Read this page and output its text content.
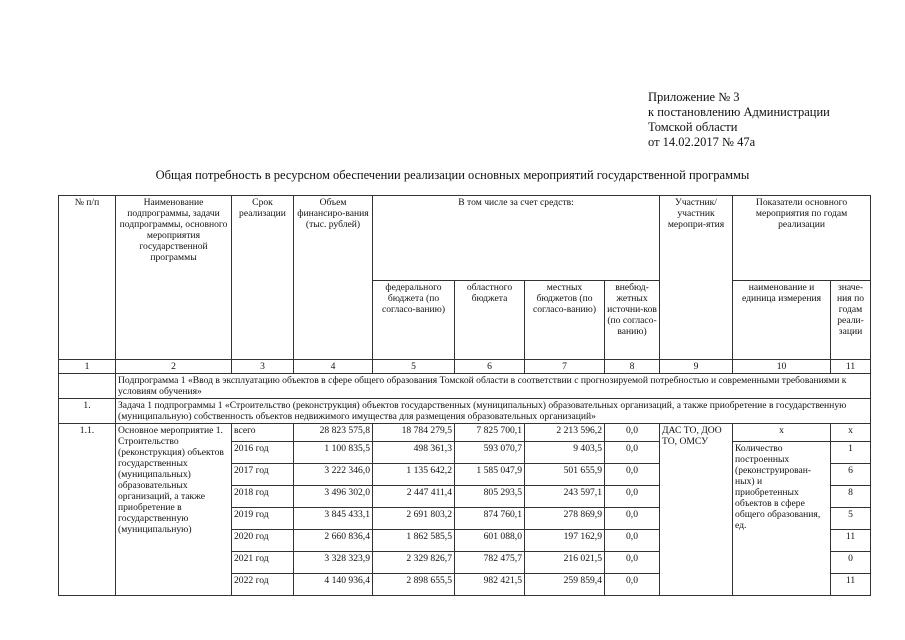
Приложение № 3
к постановлению Администрации
Томской области
от 14.02.2017 № 47а
Общая потребность в ресурсном обеспечении реализации основных мероприятий государственной программы
№ п/п	Наименование подпрограммы, задачи подпрограммы, основного мероприятия государственной программы	Срок реализации	Объем финансиро-вания (тыс. рублей)	В том числе за счет средств:				Участник/ участник меропри-ятия	Показатели основного мероприятия по годам реализации	
				федерального бюджета (по согласо-ванию)	областного бюджета	местных бюджетов (по согласо-ванию)	внебюд-жетных источни-ков (по согласо-ванию)		наименование и единица измерения	значе-ния по годам реали-зации
1	2	3	4	5	6	7	8	9	10	11
	Подпрограмма 1 «Ввод в эксплуатацию объектов в сфере общего образования Томской области в соответствии с прогнозируемой потребностью и современными требованиями к условиям обучения»									
1.	Задача 1 подпрограммы 1 «Строительство (реконструкция) объектов государственных (муниципальных) образовательных организаций, а также приобретение в государственную (муниципальную) собственность объектов недвижимого имущества для размещения образовательных организаций»									
1.1.	Основное мероприятие 1. Строительство (реконструкция) объектов государственных (муниципальных) образовательных организаций, а также приобретение в государственную (муниципальную)	всего	28 823 575,8	18 784 279,5	7 825 700,1	2 213 596,2	0,0	ДАС ТО, ДОО ТО, ОМСУ	х	х
		2016 год	1 100 835,5	498 361,3	593 070,7	9 403,5	0,0		Количество построенных (реконструирован-ных) и приобретенных объектов в сфере общего образования, ед.	1
		2017 год	3 222 346,0	1 135 642,2	1 585 047,9	501 655,9	0,0			6
		2018 год	3 496 302,0	2 447 411,4	805 293,5	243 597,1	0,0			8
		2019 год	3 845 433,1	2 691 803,2	874 760,1	278 869,9	0,0			5
		2020 год	2 660 836,4	1 862 585,5	601 088,0	197 162,9	0,0			11
		2021 год	3 328 323,9	2 329 826,7	782 475,7	216 021,5	0,0			0
		2022 год	4 140 936,4	2 898 655,5	982 421,5	259 859,4	0,0			11
